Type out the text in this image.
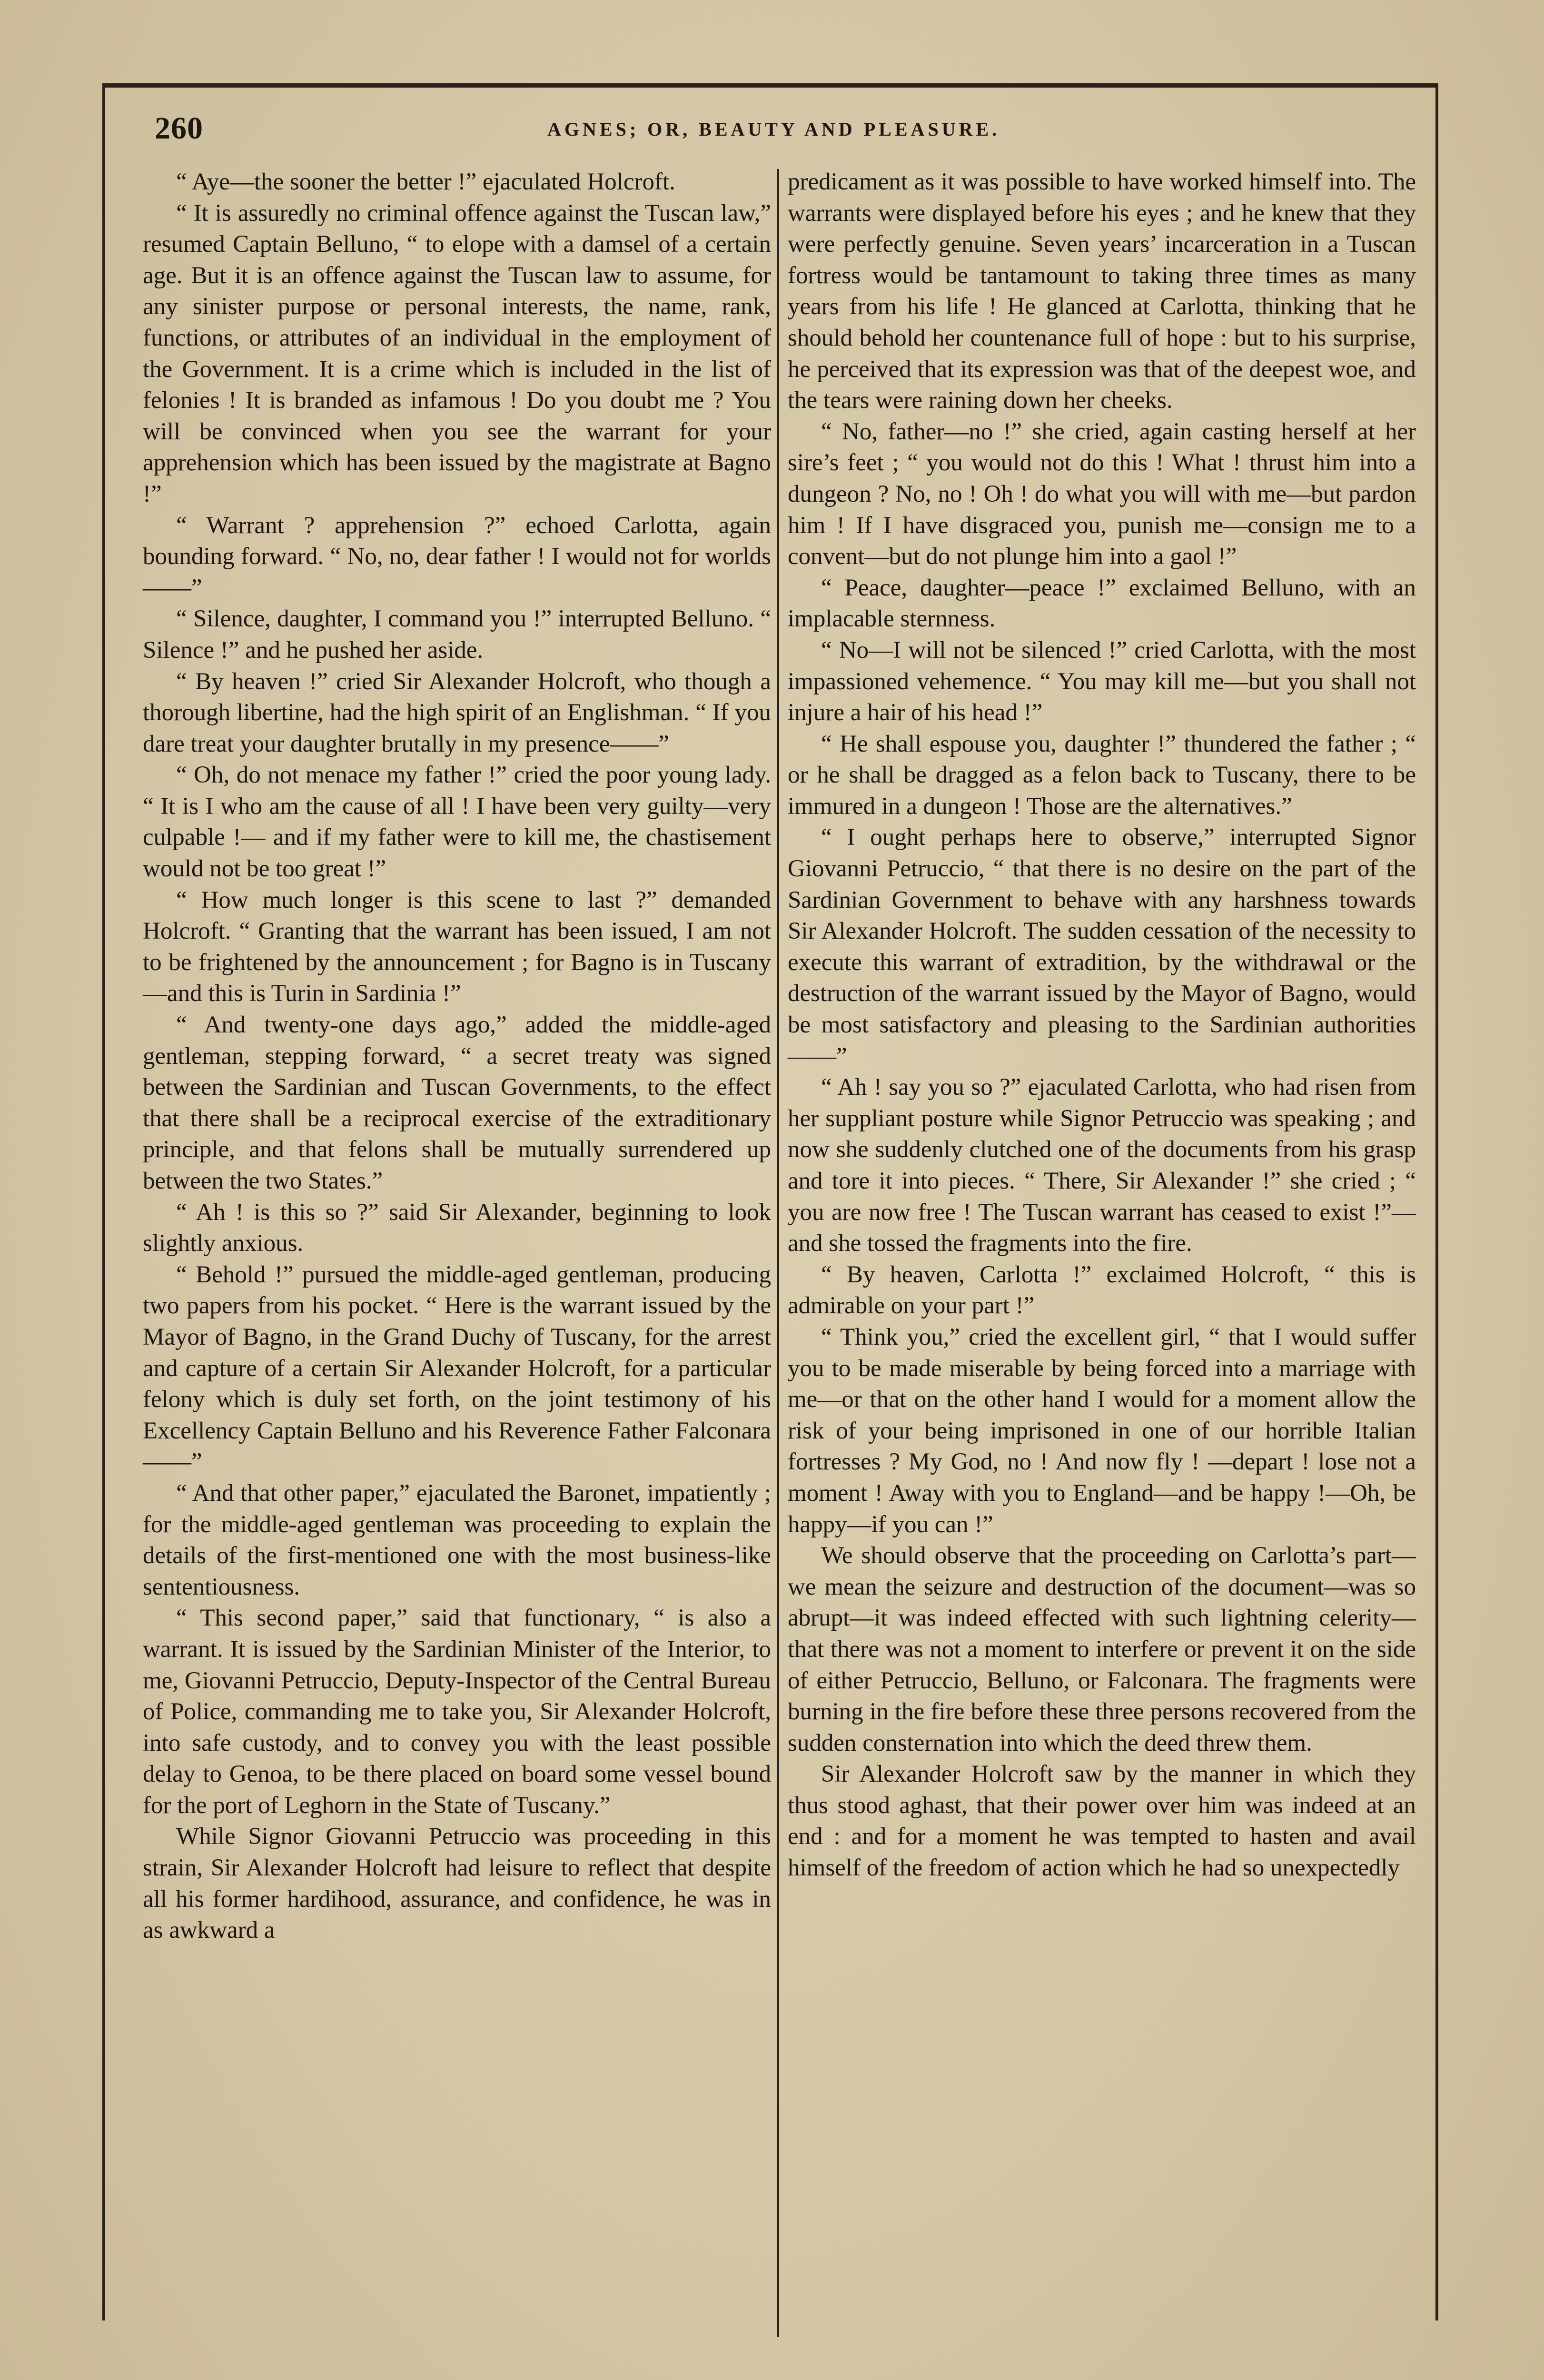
260	AGNES; OR, BEAUTY AND PLEASURE.

“ Aye—the sooner the better !” ejaculated Holcroft.

“ It is assuredly no criminal offence against the Tuscan law,” resumed Captain Belluno, “ to elope with a damsel of a certain age. But it is an offence against the Tuscan law to assume, for any sinister purpose or personal interests, the name, rank, functions, or attributes of an individual in the employment of the Government. It is a crime which is included in the list of felonies ! It is branded as infamous ! Do you doubt me ? You will be convinced when you see the warrant for your apprehension which has been issued by the magistrate at Bagno !”

“ Warrant ? apprehension ?” echoed Carlotta, again bounding forward. “ No, no, dear father ! I would not for worlds——”

“ Silence, daughter, I command you !” interrupted Belluno. “ Silence !” and he pushed her aside.

“ By heaven !” cried Sir Alexander Holcroft, who though a thorough libertine, had the high spirit of an Englishman. “ If you dare treat your daughter brutally in my presence——”

“ Oh, do not menace my father !” cried the poor young lady. “ It is I who am the cause of all ! I have been very guilty—very culpable !— and if my father were to kill me, the chastisement would not be too great !”

“ How much longer is this scene to last ?” demanded Holcroft. “ Granting that the warrant has been issued, I am not to be frightened by the announcement ; for Bagno is in Tuscany—and this is Turin in Sardinia !”

“ And twenty-one days ago,” added the middle-aged gentleman, stepping forward, “ a secret treaty was signed between the Sardinian and Tuscan Governments, to the effect that there shall be a reciprocal exercise of the extraditionary principle, and that felons shall be mutually surrendered up between the two States.”

“ Ah ! is this so ?” said Sir Alexander, beginning to look slightly anxious.

“ Behold !” pursued the middle-aged gentleman, producing two papers from his pocket. “ Here is the warrant issued by the Mayor of Bagno, in the Grand Duchy of Tuscany, for the arrest and capture of a certain Sir Alexander Holcroft, for a particular felony which is duly set forth, on the joint testimony of his Excellency Captain Belluno and his Reverence Father Falconara——”

“ And that other paper,” ejaculated the Baronet, impatiently ; for the middle-aged gentleman was proceeding to explain the details of the first-mentioned one with the most business-like sententiousness.

“ This second paper,” said that functionary, “ is also a warrant. It is issued by the Sardinian Minister of the Interior, to me, Giovanni Petruccio, Deputy-Inspector of the Central Bureau of Police, commanding me to take you, Sir Alexander Holcroft, into safe custody, and to convey you with the least possible delay to Genoa, to be there placed on board some vessel bound for the port of Leghorn in the State of Tuscany.”

While Signor Giovanni Petruccio was proceeding in this strain, Sir Alexander Holcroft had leisure to reflect that despite all his former hardihood, assurance, and confidence, he was in as awkward a

predicament as it was possible to have worked himself into. The warrants were displayed before his eyes ; and he knew that they were perfectly genuine. Seven years’ incarceration in a Tuscan fortress would be tantamount to taking three times as many years from his life ! He glanced at Carlotta, thinking that he should behold her countenance full of hope : but to his surprise, he perceived that its expression was that of the deepest woe, and the tears were raining down her cheeks.

“ No, father—no !” she cried, again casting herself at her sire’s feet ; “ you would not do this ! What ! thrust him into a dungeon ? No, no ! Oh ! do what you will with me—but pardon him ! If I have disgraced you, punish me—consign me to a convent—but do not plunge him into a gaol !”

“ Peace, daughter—peace !” exclaimed Belluno, with an implacable sternness.

“ No—I will not be silenced !” cried Carlotta, with the most impassioned vehemence. “ You may kill me—but you shall not injure a hair of his head !”

“ He shall espouse you, daughter !” thundered the father ; “ or he shall be dragged as a felon back to Tuscany, there to be immured in a dungeon ! Those are the alternatives.”

“ I ought perhaps here to observe,” interrupted Signor Giovanni Petruccio, “ that there is no desire on the part of the Sardinian Government to behave with any harshness towards Sir Alexander Holcroft. The sudden cessation of the necessity to execute this warrant of extradition, by the withdrawal or the destruction of the warrant issued by the Mayor of Bagno, would be most satisfactory and pleasing to the Sardinian authorities——”

“ Ah ! say you so ?” ejaculated Carlotta, who had risen from her suppliant posture while Signor Petruccio was speaking ; and now she suddenly clutched one of the documents from his grasp and tore it into pieces. “ There, Sir Alexander !” she cried ; “ you are now free ! The Tuscan warrant has ceased to exist !”—and she tossed the fragments into the fire.

“ By heaven, Carlotta !” exclaimed Holcroft, “ this is admirable on your part !”

“ Think you,” cried the excellent girl, “ that I would suffer you to be made miserable by being forced into a marriage with me—or that on the other hand I would for a moment allow the risk of your being imprisoned in one of our horrible Italian fortresses ? My God, no ! And now fly ! —depart ! lose not a moment ! Away with you to England—and be happy !—Oh, be happy—if you can !”

We should observe that the proceeding on Carlotta’s part—we mean the seizure and destruction of the document—was so abrupt—it was indeed effected with such lightning celerity—that there was not a moment to interfere or prevent it on the side of either Petruccio, Belluno, or Falconara. The fragments were burning in the fire before these three persons recovered from the sudden consternation into which the deed threw them.

Sir Alexander Holcroft saw by the manner in which they thus stood aghast, that their power over him was indeed at an end : and for a moment he was tempted to hasten and avail himself of the freedom of action which he had so unexpectedly
